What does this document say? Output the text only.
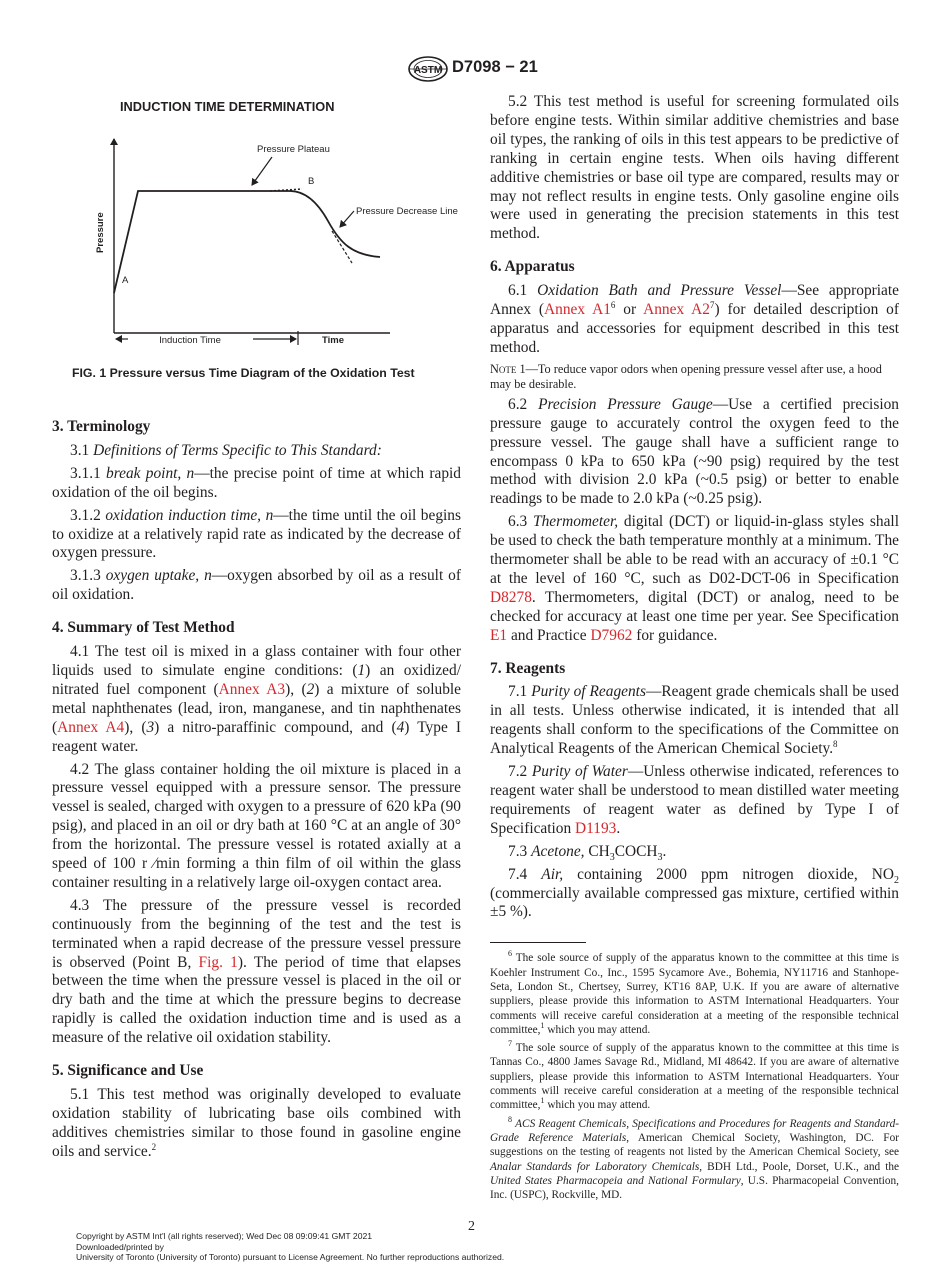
ASTM D7098 − 21
INDUCTION TIME DETERMINATION
Pressure Plateau
B
Pressure Decrease Line
A
Pressure
Induction Time	Time
FIG. 1 Pressure versus Time Diagram of the Oxidation Test
3. Terminology

3.1 Definitions of Terms Specific to This Standard:

3.1.1 break point, n—the precise point of time at which rapid oxidation of the oil begins.

3.1.2 oxidation induction time, n—the time until the oil begins to oxidize at a relatively rapid rate as indicated by the decrease of oxygen pressure.

3.1.3 oxygen uptake, n—oxygen absorbed by oil as a result of oil oxidation.

4. Summary of Test Method

4.1 The test oil is mixed in a glass container with four other liquids used to simulate engine conditions: (1) an oxidized/ nitrated fuel component (Annex A3), (2) a mixture of soluble metal naphthenates (lead, iron, manganese, and tin naphthenates (Annex A4), (3) a nitro-paraffinic compound, and (4) Type I reagent water.

4.2 The glass container holding the oil mixture is placed in a pressure vessel equipped with a pressure sensor. The pressure vessel is sealed, charged with oxygen to a pressure of 620 kPa (90 psig), and placed in an oil or dry bath at 160 °C at an angle of 30° from the horizontal. The pressure vessel is rotated axially at a speed of 100 r ⁄min forming a thin film of oil within the glass container resulting in a relatively large oil-oxygen contact area.

4.3 The pressure of the pressure vessel is recorded continuously from the beginning of the test and the test is terminated when a rapid decrease of the pressure vessel pressure is observed (Point B, Fig. 1). The period of time that elapses between the time when the pressure vessel is placed in the oil or dry bath and the time at which the pressure begins to decrease rapidly is called the oxidation induction time and is used as a measure of the relative oil oxidation stability.

5. Significance and Use

5.1 This test method was originally developed to evaluate oxidation stability of lubricating base oils combined with additives chemistries similar to those found in gasoline engine oils and service.$^2$

5.2 This test method is useful for screening formulated oils before engine tests. Within similar additive chemistries and base oil types, the ranking of oils in this test appears to be predictive of ranking in certain engine tests. When oils having different additive chemistries or base oil type are compared, results may or may not reflect results in engine tests. Only gasoline engine oils were used in generating the precision statements in this test method.

6. Apparatus

6.1 Oxidation Bath and Pressure Vessel—See appropriate Annex (Annex $A1^6$ or Annex $A2^7$) for detailed description of apparatus and accessories for equipment described in this test method.

Note 1—To reduce vapor odors when opening pressure vessel after use, a hood may be desirable.

6.2 Precision Pressure Gauge—Use a certified precision pressure gauge to accurately control the oxygen feed to the pressure vessel. The gauge shall have a sufficient range to encompass 0 kPa to 650 kPa (~90 psig) required by the test method with division 2.0 kPa (~0.5 psig) or better to enable readings to be made to 2.0 kPa (~0.25 psig).

6.3 Thermometer, digital (DCT) or liquid-in-glass styles shall be used to check the bath temperature monthly at a minimum. The thermometer shall be able to be read with an accuracy of ±0.1 °C at the level of 160 °C, such as D02-DCT-06 in Specification D8278. Thermometers, digital (DCT) or analog, need to be checked for accuracy at least one time per year. See Specification E1 and Practice D7962 for guidance.

7. Reagents

7.1 Purity of Reagents—Reagent grade chemicals shall be used in all tests. Unless otherwise indicated, it is intended that all reagents shall conform to the specifications of the Committee on Analytical Reagents of the American Chemical Society.$^8$

7.2 Purity of Water—Unless otherwise indicated, references to reagent water shall be understood to mean distilled water meeting requirements of reagent water as defined by Type I of Specification D1193.

7.3 Acetone, $CH_3COCH_3$.

7.4 Air, containing 2000 ppm nitrogen dioxide, $NO_2$ (commercially available compressed gas mixture, certified within ±5 %).

$^6$ The sole source of supply of the apparatus known to the committee at this time is Koehler Instrument Co., Inc., 1595 Sycamore Ave., Bohemia, NY11716 and Stanhope-Seta, London St., Chertsey, Surrey, KT16 8AP, U.K. If you are aware of alternative suppliers, please provide this information to ASTM International Headquarters. Your comments will receive careful consideration at a meeting of the responsible technical committee,$^1$ which you may attend.

$^7$ The sole source of supply of the apparatus known to the committee at this time is Tannas Co., 4800 James Savage Rd., Midland, MI 48642. If you are aware of alternative suppliers, please provide this information to ASTM International Headquarters. Your comments will receive careful consideration at a meeting of the responsible technical committee,$^1$ which you may attend.

$^8$ ACS Reagent Chemicals, Specifications and Procedures for Reagents and Standard-Grade Reference Materials, American Chemical Society, Washington, DC. For suggestions on the testing of reagents not listed by the American Chemical Society, see Analar Standards for Laboratory Chemicals, BDH Ltd., Poole, Dorset, U.K., and the United States Pharmacopeia and National Formulary, U.S. Pharmacopeial Convention, Inc. (USPC), Rockville, MD.

2
Copyright by ASTM Int'l (all rights reserved); Wed Dec 08 09:09:41 GMT 2021
Downloaded/printed by
University of Toronto (University of Toronto) pursuant to License Agreement. No further reproductions authorized.
